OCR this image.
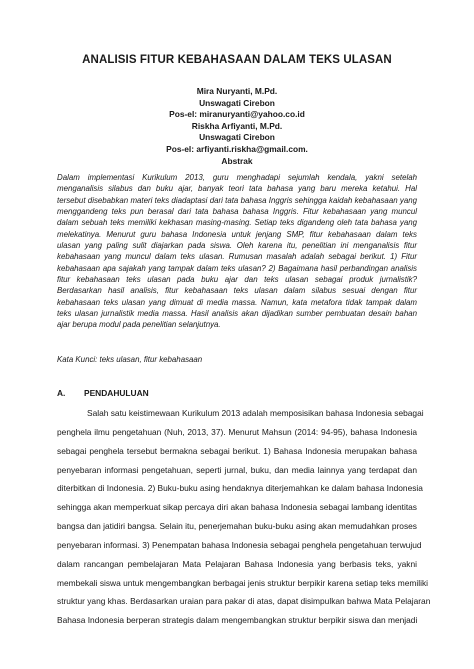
ANALISIS FITUR KEBAHASAAN DALAM TEKS ULASAN
Mira Nuryanti, M.Pd.
Unswagati Cirebon
Pos-el: miranuryanti@yahoo.co.id
Riskha Arfiyanti, M.Pd.
Unswagati Cirebon
Pos-el: arfiyanti.riskha@gmail.com.
Abstrak
Dalam implementasi Kurikulum 2013, guru menghadapi sejumlah kendala, yakni setelah
menganalisis silabus dan buku ajar, banyak teori tata bahasa yang baru mereka ketahui. Hal
tersebut disebabkan materi teks diadaptasi dari tata bahasa Inggris sehingga kaidah kebahasaan yang
menggandeng teks pun berasal dari tata bahasa bahasa Inggris. Fitur kebahasaan yang muncul
dalam sebuah teks memiliki kekhasan masing-masing. Setiap teks digandeng oleh tata bahasa yang
melekatinya. Menurut guru bahasa Indonesia untuk jenjang SMP, fitur kebahasaan dalam teks
ulasan yang paling sulit diajarkan pada siswa. Oleh karena itu, penelitian ini menganalisis fitur
kebahasaan yang muncul dalam teks ulasan. Rumusan masalah adalah sebagai berikut. 1) Fitur
kebahasaan apa sajakah yang tampak dalam teks ulasan? 2) Bagaimana hasil perbandingan analisis
fitur kebahasaan teks ulasan pada buku ajar dan teks ulasan sebagai produk jurnalistik?
Berdasarkan hasil analisis, fitur kebahasaan teks ulasan dalam silabus sesuai dengan fitur
kebahasaan teks ulasan yang dimuat di media massa. Namun, kata metafora tidak tampak dalam
teks ulasan jurnalistik media massa. Hasil analisis akan dijadikan sumber pembuatan desain bahan
ajar berupa modul pada penelitian selanjutnya.
Kata Kunci: teks ulasan, fitur kebahasaan
A. PENDAHULUAN
Salah satu keistimewaan Kurikulum 2013 adalah memposisikan bahasa Indonesia sebagai
penghela ilmu pengetahuan (Nuh, 2013, 37). Menurut Mahsun (2014: 94-95), bahasa Indonesia
sebagai penghela tersebut bermakna sebagai berikut. 1) Bahasa Indonesia merupakan bahasa
penyebaran informasi pengetahuan, seperti jurnal, buku, dan media lainnya yang terdapat dan
diterbitkan di Indonesia. 2) Buku-buku asing hendaknya diterjemahkan ke dalam bahasa Indonesia
sehingga akan memperkuat sikap percaya diri akan bahasa Indonesia sebagai lambang identitas
bangsa dan jatidiri bangsa. Selain itu, penerjemahan buku-buku asing akan memudahkan proses
penyebaran informasi. 3) Penempatan bahasa Indonesia sebagai penghela pengetahuan terwujud
dalam rancangan pembelajaran Mata Pelajaran Bahasa Indonesia yang berbasis teks, yakni
membekali siswa untuk mengembangkan berbagai jenis struktur berpikir karena setiap teks memiliki
struktur yang khas. Berdasarkan uraian para pakar di atas, dapat disimpulkan bahwa Mata Pelajaran
Bahasa Indonesia berperan strategis dalam mengembangkan struktur berpikir siswa dan menjadi
